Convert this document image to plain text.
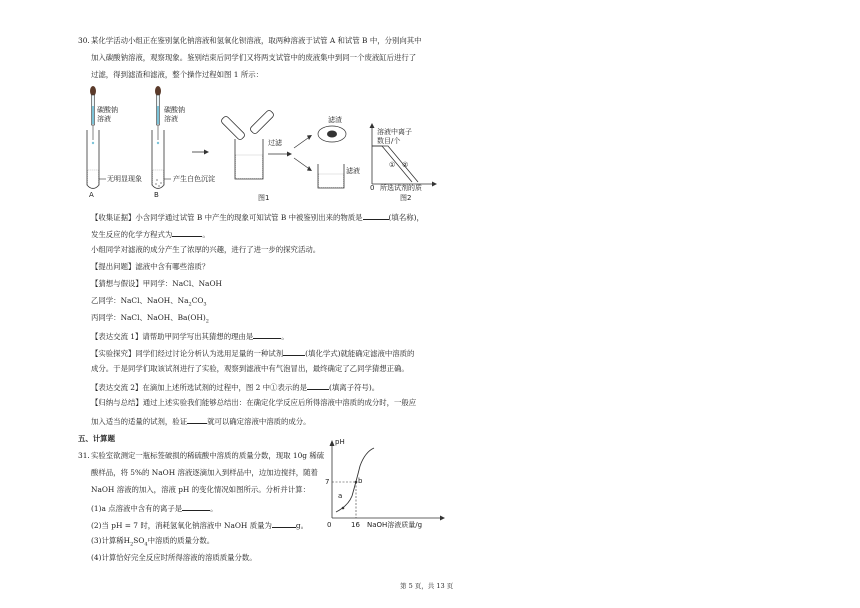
30. 某化学活动小组正在鉴别氯化钠溶液和氢氧化钡溶液，取两种溶液于试管 A 和试管 B 中，分别向其中
加入碳酸钠溶液，观察现象。鉴别结束后同学们又将两支试管中的废液集中到同一个废液缸后进行了
过滤，得到滤渣和滤液，整个操作过程如图 1 所示：
碳酸钠
溶液
碳酸钠
溶液
无明显现象	产生白色沉淀
A	B
过滤
滤渣
滤液
图1
溶液中离子
数目/个
① ②
0 所选试剂的质
图2
【收集证据】小含同学通过试管 B 中产生的现象可知试管 B 中被鉴别出来的物质是	(填名称)，
发生反应的化学方程式为	。
小组同学对滤液的成分产生了浓厚的兴趣，进行了进一步的探究活动。
【提出问题】滤液中含有哪些溶质？
【猜想与假设】甲同学：NaCl、NaOH
乙同学：NaCl、NaOH、$Na_2CO_3$
丙同学：NaCl、NaOH、$Ba(OH)_2$
【表达交流 1】请帮助甲同学写出其猜想的理由是	。
【实验探究】同学们经过讨论分析认为选用足量的一种试剂	(填化学式)就能确定滤液中溶质的
成分。于是同学们取该试剂进行了实验，观察到滤液中有气泡冒出，最终确定了乙同学猜想正确。
【表达交流 2】在滴加上述所选试剂的过程中，图 2 中①表示的是	(填离子符号)。
【归纳与总结】通过上述实验我们能够总结出：在确定化学反应后所得溶液中溶质的成分时，一般应
加入适当的适量的试剂，验证	就可以确定溶液中溶质的成分。
五、计算题
31. 实验室欲测定一瓶标签破损的稀硫酸中溶质的质量分数，现取 10g 稀硫
酸样品，将 5%的 NaOH 溶液逐滴加入到样品中，边加边搅拌，随着
NaOH 溶液的加入，溶液 pH 的变化情况如图所示。分析并计算：
(1)a 点溶液中含有的离子是	。
(2)当 pH = 7 时，消耗氢氧化钠溶液中 NaOH 质量为	g。
(3)计算稀$H_2SO_4$中溶质的质量分数。
(4)计算恰好完全反应时所得溶液的溶质质量分数。
pH
7
a
b
0	16 NaOH溶液质量/g
第 5 页，共 13 页
